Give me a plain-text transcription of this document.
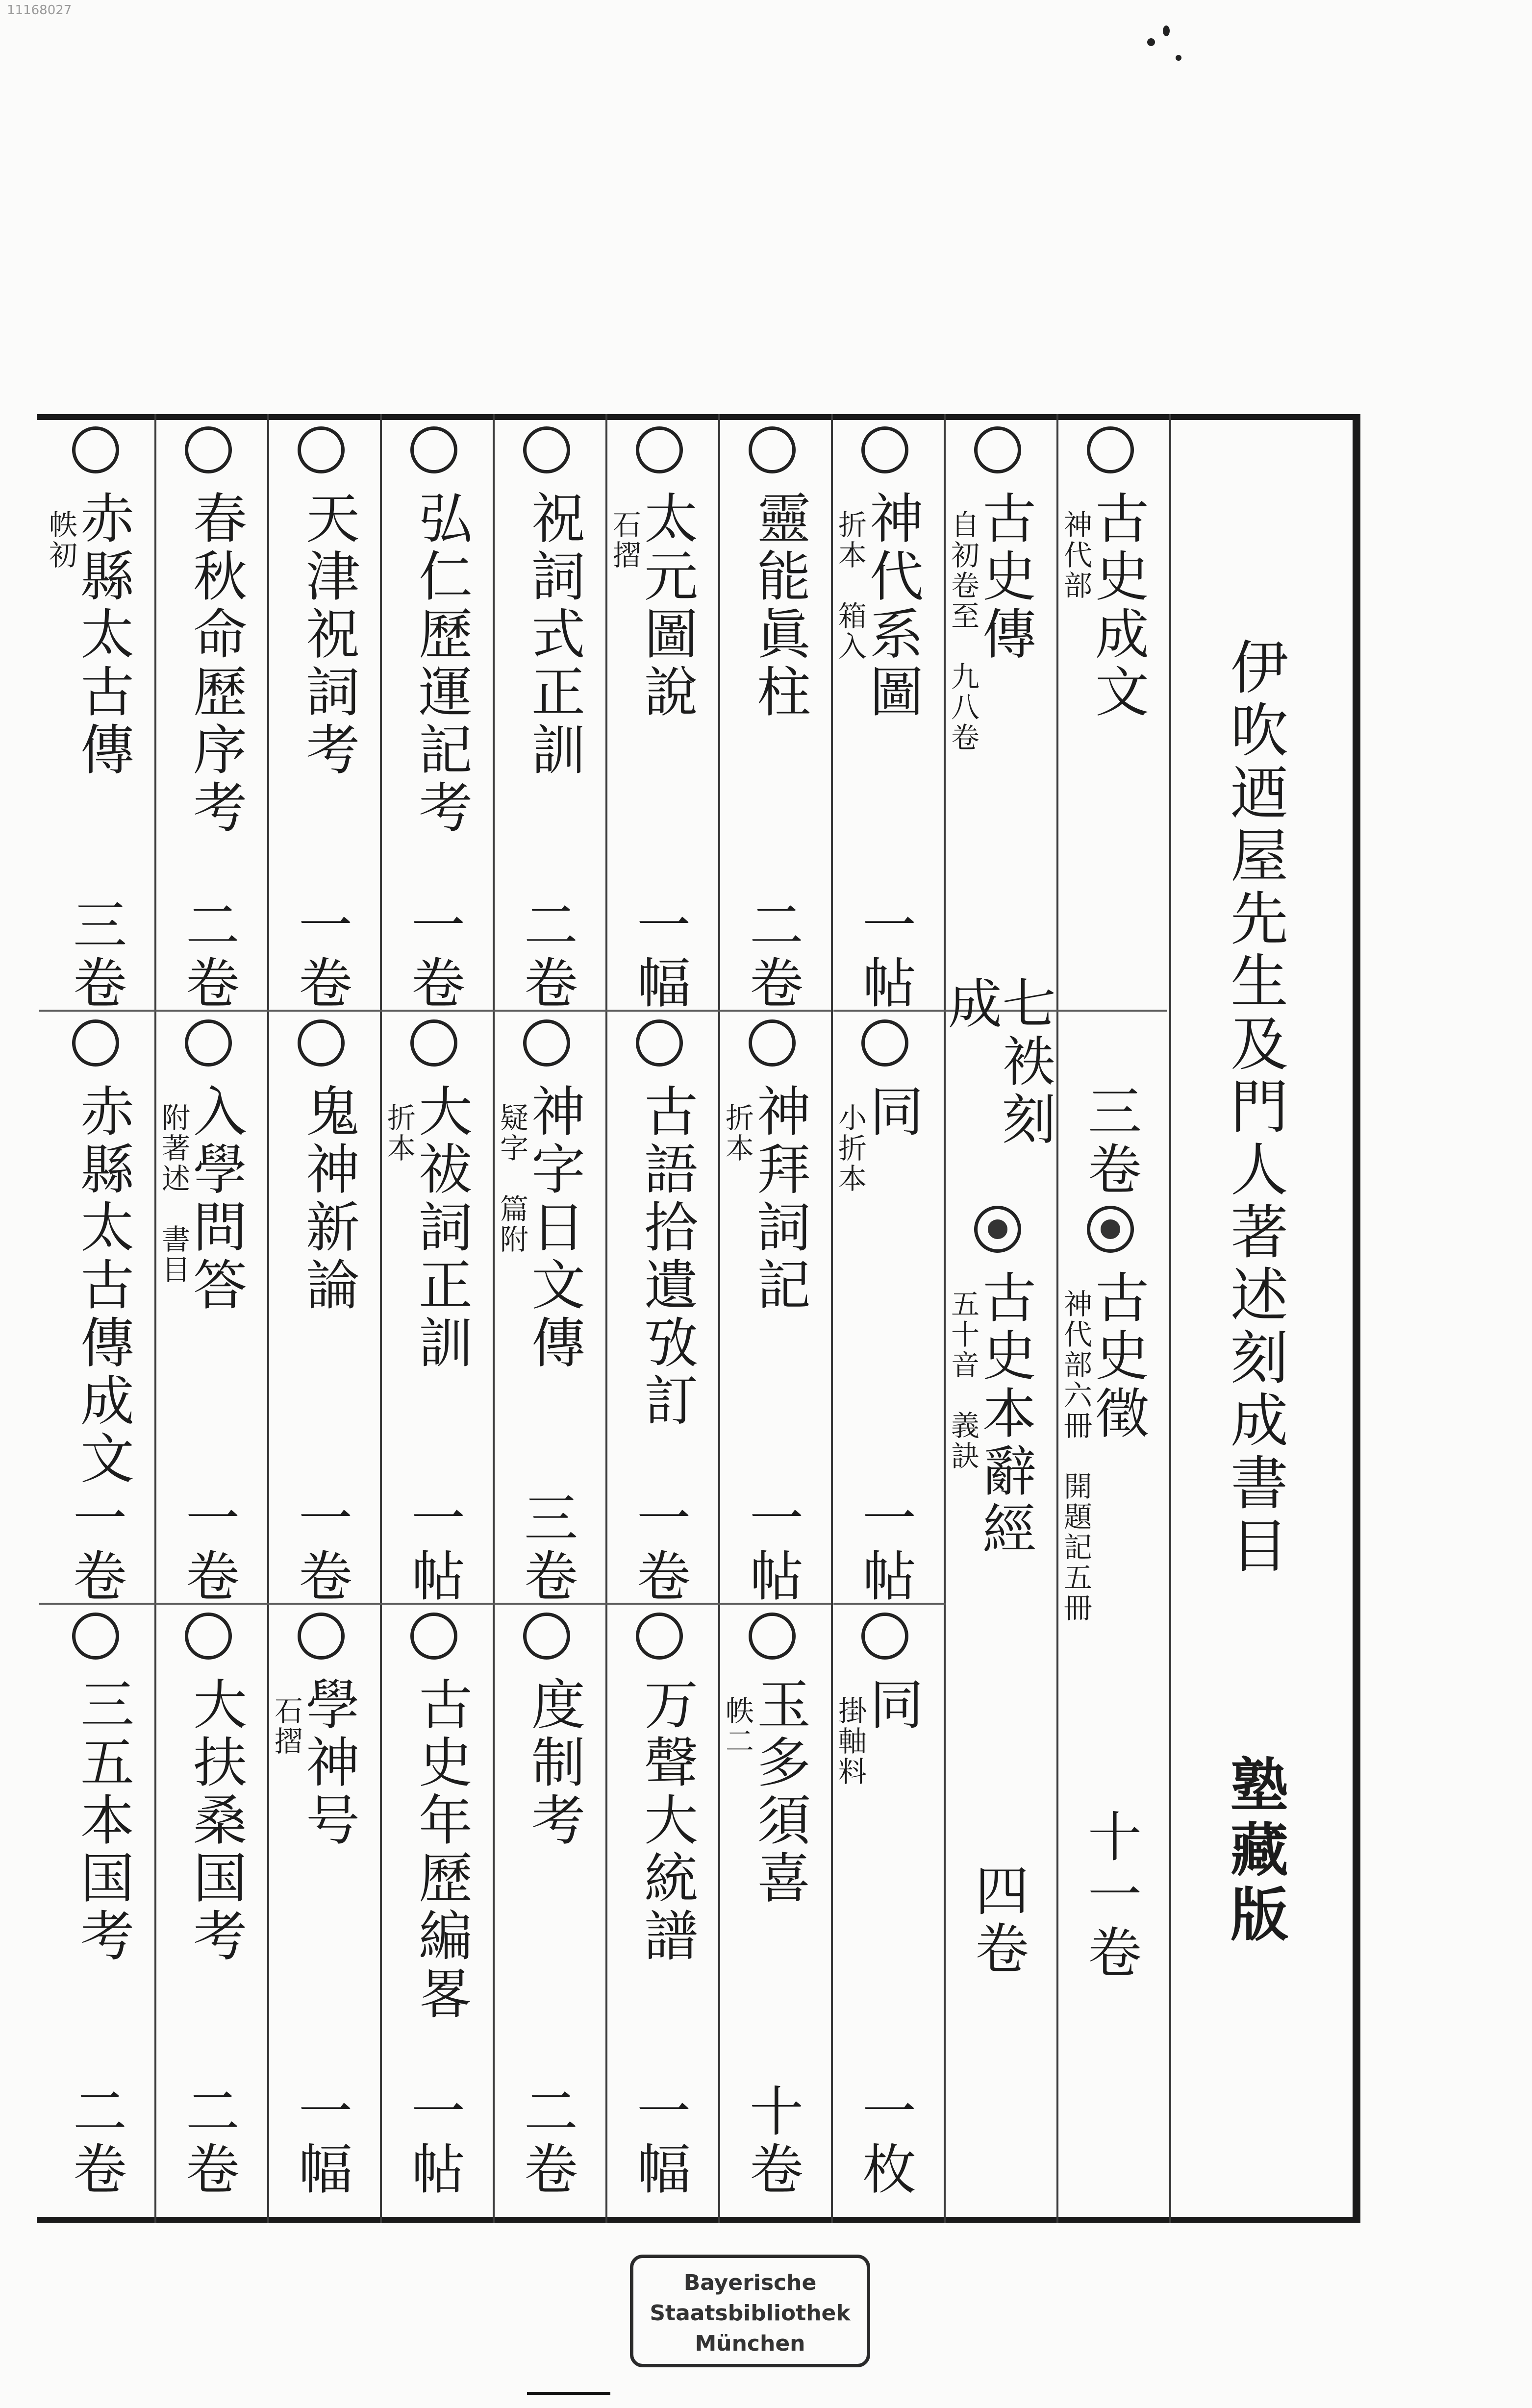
11168027
伊吹迺屋先生及門人著述刻成書目
塾藏版
古史成文
神代部
三卷
古史徵
神代部六冊　開題記五冊
十一卷
古史傳
自初卷至　九八卷
七袟刻成
古史本辭經
五十音　義訣
四卷
神代系圖
折本　箱入
一帖
同
小折本
一帖
同
掛軸料
一枚
靈能眞柱
二卷
神拜詞記
折本
一帖
玉多須喜
帙二
十卷
太元圖說
石摺
一幅
古語拾遺攷訂
一卷
万聲大統譜
一幅
祝詞式正訓
二卷
神字日文傳
疑字　篇附
三卷
度制考
二卷
弘仁歷運記考
一卷
大祓詞正訓
折本
一帖
古史年歷編畧
一帖
天津祝詞考
一卷
鬼神新論
一卷
學神号
石摺
一幅
春秋命歷序考
二卷
入學問答
附著述　書目
一卷
大扶桑国考
二卷
赤縣太古傳
帙初
三卷
赤縣太古傳成文
一卷
三五本国考
二卷
Bayerische
Staatsbibliothek
München
